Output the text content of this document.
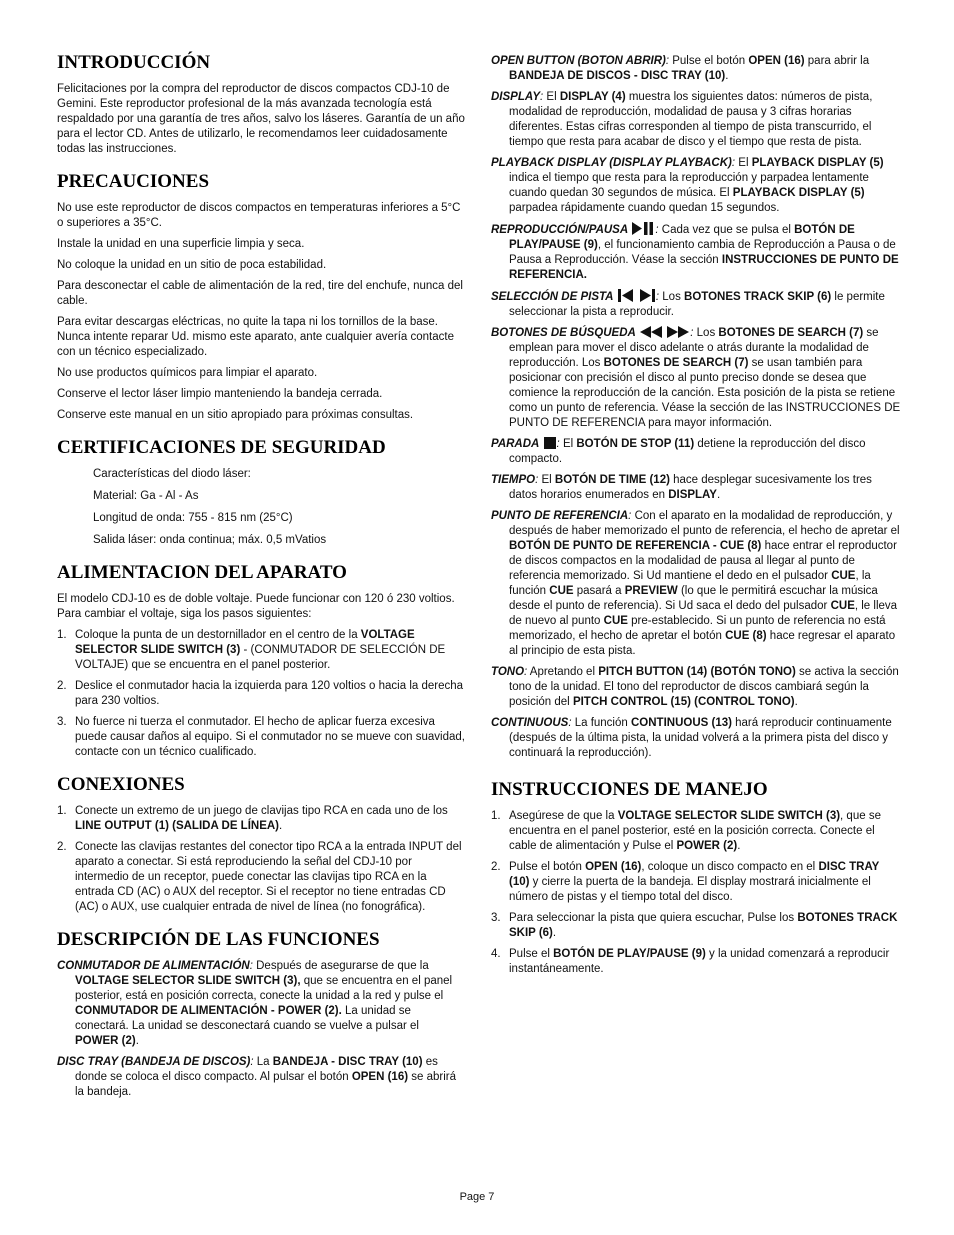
INTRODUCCIÓN

Felicitaciones por la compra del reproductor de discos compactos CDJ-10 de Gemini. Este reproductor profesional de la más avanzada tecnología está respaldado por una garantía de tres años, salvo los láseres. Garantía de un año para el lector CD. Antes de utilizarlo, le recomendamos leer cuidadosamente todas las instrucciones.

PRECAUCIONES

No use este reproductor de discos compactos en temperaturas inferiores a 5°C o superiores a 35°C.

Instale la unidad en una superficie limpia y seca.

No coloque la unidad en un sitio de poca estabilidad.

Para desconectar el cable de alimentación de la red, tire del enchufe, nunca del cable.

Para evitar descargas eléctricas, no quite la tapa ni los tornillos de la base. Nunca intente reparar Ud. mismo este aparato, ante cualquier avería contacte con un técnico especializado.

No use productos químicos para limpiar el aparato.

Conserve el lector láser limpio manteniendo la bandeja cerrada.

Conserve este manual en un sitio apropiado para próximas consultas.

CERTIFICACIONES DE SEGURIDAD

Características del diodo láser:

Material: Ga - Al - As

Longitud de onda: 755 - 815 nm (25°C)

Salida láser: onda continua; máx. 0,5 mVatios

ALIMENTACION DEL APARATO

El modelo CDJ-10 es de doble voltaje. Puede funcionar con 120 ó 230 voltios. Para cambiar el voltaje, siga los pasos siguientes:

1. Coloque la punta de un destornillador en el centro de la VOLTAGE SELECTOR SLIDE SWITCH (3) - (CONMUTADOR DE SELECCIÓN DE VOLTAJE) que se encuentra en el panel posterior.
2. Deslice el conmutador hacia la izquierda para 120 voltios o hacia la derecha para 230 voltios.
3. No fuerce ni tuerza el conmutador. El hecho de aplicar fuerza excesiva puede causar daños al equipo. Si el conmutador no se mueve con suavidad, contacte con un técnico cualificado.
CONEXIONES
1. Conecte un extremo de un juego de clavijas tipo RCA en cada uno de los LINE OUTPUT (1) (SALIDA DE LÍNEA).
2. Conecte las clavijas restantes del conector tipo RCA a la entrada INPUT del aparato a conectar. Si está reproduciendo la señal del CDJ-10 por intermedio de un receptor, puede conectar las clavijas tipo RCA en la entrada CD (AC) o AUX del receptor. Si el receptor no tiene entradas CD (AC) o AUX, use cualquier entrada de nivel de línea (no fonográfica).
DESCRIPCIÓN DE LAS FUNCIONES

CONMUTADOR DE ALIMENTACIÓN: Después de asegurarse de que la VOLTAGE SELECTOR SLIDE SWITCH (3), que se encuentra en el panel posterior, está en posición correcta, conecte la unidad a la red y pulse el CONMUTADOR DE ALIMENTACIÓN - POWER (2). La unidad se conectará. La unidad se desconectará cuando se vuelve a pulsar el POWER (2).

DISC TRAY (BANDEJA DE DISCOS): La BANDEJA - DISC TRAY (10) es donde se coloca el disco compacto. Al pulsar el botón OPEN (16) se abrirá la bandeja.

OPEN BUTTON (BOTON ABRIR): Pulse el botón OPEN (16) para abrir la BANDEJA DE DISCOS - DISC TRAY (10).

DISPLAY: El DISPLAY (4) muestra los siguientes datos: números de pista, modalidad de reproducción, modalidad de pausa y 3 cifras horarias diferentes. Estas cifras corresponden al tiempo de pista transcurrido, el tiempo que resta para acabar de disco y el tiempo que resta de pista.

PLAYBACK DISPLAY (DISPLAY PLAYBACK): El PLAYBACK DISPLAY (5) indica el tiempo que resta para la reproducción y parpadea lentamente cuando quedan 30 segundos de música. El PLAYBACK DISPLAY (5) parpadea rápidamente cuando quedan 15 segundos.

REPRODUCCIÓN/PAUSA : Cada vez que se pulsa el BOTÓN DE PLAY/PAUSE (9), el funcionamiento cambia de Reproducción a Pausa o de Pausa a Reproducción. Véase la sección INSTRUCCIONES DE PUNTO DE REFERENCIA.

SELECCIÓN DE PISTA
	: Los BOTONES TRACK SKIP (6) le permite seleccionar la pista a reproducir.

BOTONES DE BÚSQUEDA
	: Los BOTONES DE SEARCH (7) se emplean para mover el disco adelante o atrás durante la modalidad de reproducción. Los BOTONES DE SEARCH (7) se usan también para posicionar con precisión el disco al punto preciso donde se desea que comience la reproducción de la canción. Esta posición de la pista se retiene como un punto de referencia. Véase la sección de las INSTRUCCIONES DE PUNTO DE REFERENCIA para mayor información.

PARADA : El BOTÓN DE STOP (11) detiene la reproducción del disco compacto.

TIEMPO: El BOTÓN DE TIME (12) hace desplegar sucesivamente los tres datos horarios enumerados en DISPLAY.

PUNTO DE REFERENCIA: Con el aparato en la modalidad de reproducción, y después de haber memorizado el punto de referencia, el hecho de apretar el BOTÓN DE PUNTO DE REFERENCIA - CUE (8) hace entrar el reproductor de discos compactos en la modalidad de pausa al llegar al punto de referencia memorizado. Si Ud mantiene el dedo en el pulsador CUE, la función CUE pasará a PREVIEW (lo que le permitirá escuchar la música desde el punto de referencia). Si Ud saca el dedo del pulsador CUE, le lleva de nuevo al punto CUE pre-establecido. Si un punto de referencia no está memorizado, el hecho de apretar el botón CUE (8) hace regresar el aparato al principio de esta pista.

TONO: Apretando el PITCH BUTTON (14) (BOTÓN TONO) se activa la sección tono de la unidad. El tono del reproductor de discos cambiará según la posición del PITCH CONTROL (15) (CONTROL TONO).

CONTINUOUS: La función CONTINUOUS (13) hará reproducir continuamente (después de la última pista, la unidad volverá a la primera pista del disco y continuará la reproducción).

INSTRUCCIONES DE MANEJO
1. Asegúrese de que la VOLTAGE SELECTOR SLIDE SWITCH (3), que se encuentra en el panel posterior, esté en la posición correcta. Conecte el cable de alimentación y Pulse el POWER (2).
2. Pulse el botón OPEN (16), coloque un disco compacto en el DISC TRAY (10) y cierre la puerta de la bandeja. El display mostrará inicialmente el número de pistas y el tiempo total del disco.
3. Para seleccionar la pista que quiera escuchar, Pulse los BOTONES TRACK SKIP (6).
4. Pulse el BOTÓN DE PLAY/PAUSE (9) y la unidad comenzará a reproducir instantáneamente.
Page 7
